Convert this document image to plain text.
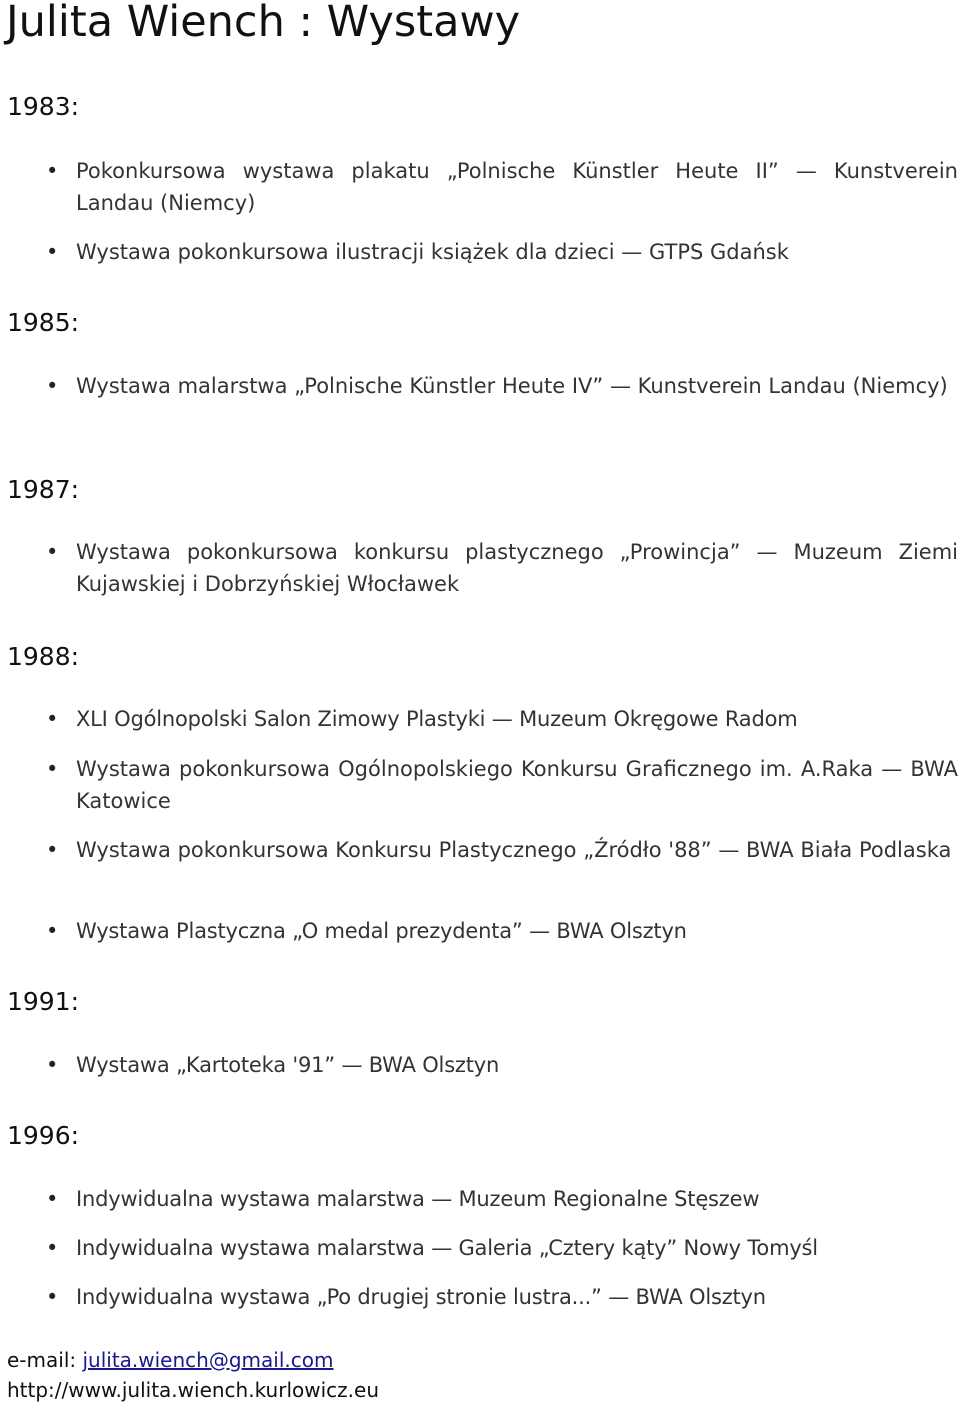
Julita Wiench : Wystawy
1983:
• Pokonkursowa wystawa plakatu „Polnische Künstler Heute II” — Kunstverein Landau (Niemcy)
• Wystawa pokonkursowa ilustracji książek dla dzieci — GTPS Gdańsk
1985:
• Wystawa malarstwa „Polnische Künstler Heute IV” — Kunstverein Landau (Niemcy)
1987:
• Wystawa pokonkursowa konkursu plastycznego „Prowincja” — Muzeum Ziemi Kujawskiej i Dobrzyńskiej Włocławek
1988:
• XLI Ogólnopolski Salon Zimowy Plastyki — Muzeum Okręgowe Radom
• Wystawa pokonkursowa Ogólnopolskiego Konkursu Graficznego im. A.Raka — BWA Katowice
• Wystawa pokonkursowa Konkursu Plastycznego „Źródło '88” — BWA Biała Podlaska
• Wystawa Plastyczna „O medal prezydenta” — BWA Olsztyn
1991:
• Wystawa „Kartoteka '91” — BWA Olsztyn
1996:
• Indywidualna wystawa malarstwa — Muzeum Regionalne Stęszew
• Indywidualna wystawa malarstwa — Galeria „Cztery kąty” Nowy Tomyśl
• Indywidualna wystawa „Po drugiej stronie lustra...” — BWA Olsztyn
e-mail: julita.wiench@gmail.com
http://www.julita.wiench.kurlowicz.eu
